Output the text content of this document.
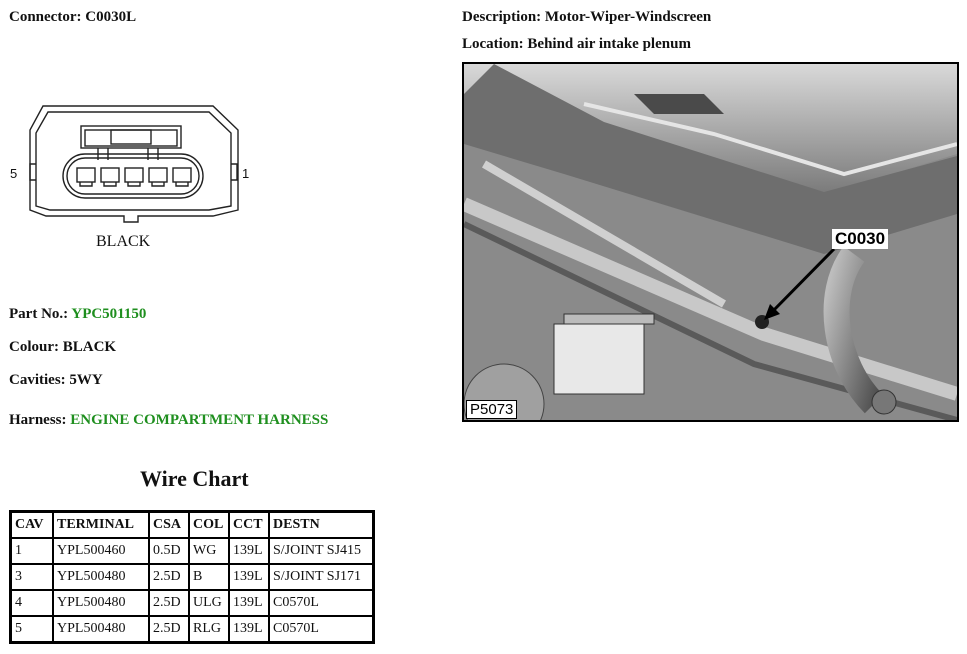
Connector: C0030L	Description: Motor-Wiper-Windscreen
Location: Behind air intake plenum
5	1
BLACK
Part No.: YPC501150
Colour: BLACK
Cavities: 5WY
Harness: ENGINE COMPARTMENT HARNESS
C0030
P5073
Wire Chart
CAV	TERMINAL	CSA	COL	CCT	DESTN
1	YPL500460	0.5D	WG	139L	S/JOINT SJ415
3	YPL500480	2.5D	B	139L	S/JOINT SJ171
4	YPL500480	2.5D	ULG	139L	C0570L
5	YPL500480	2.5D	RLG	139L	C0570L
